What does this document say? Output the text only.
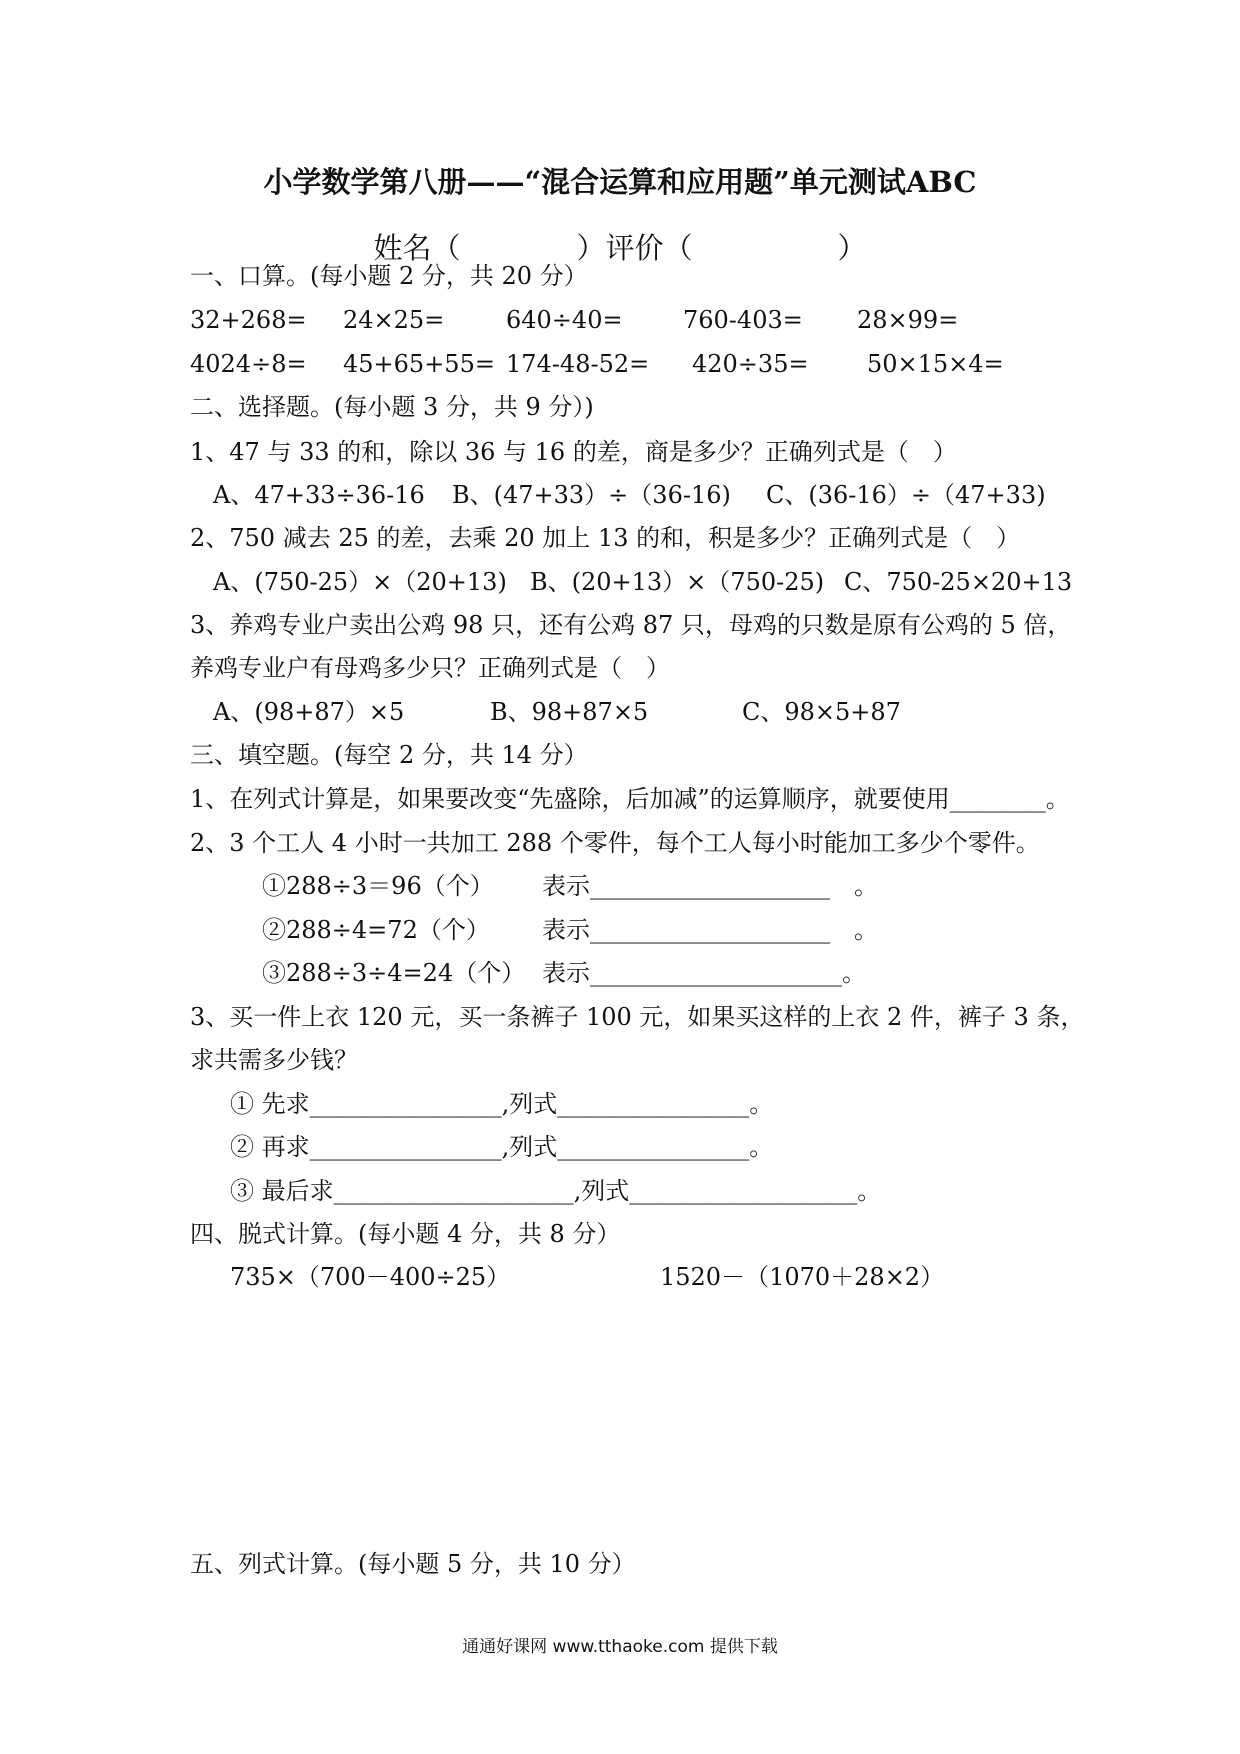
小学数学第八册——“混合运算和应用题”单元测试ABC
姓名（　　　　）评价（　　　　　）
一、口算。(每小题 2 分，共 20 分）
32+268= 24×25=	640÷40=	760-403= 28×99=
4024÷8= 45+65+55= 174-48-52= 420÷35= 50×15×4=
二、选择题。(每小题 3 分，共 9 分）)
1、47 与 33 的和，除以 36 与 16 的差，商是多少？正确列式是（　）
A、47+33÷36-16 B、(47+33）÷（36-16) C、(36-16）÷（47+33)
2、750 减去 25 的差，去乘 20 加上 13 的和，积是多少？正确列式是（　）
A、(750-25）×（20+13) B、(20+13）×（750-25) C、750-25×20+13
3、养鸡专业户卖出公鸡 98 只，还有公鸡 87 只，母鸡的只数是原有公鸡的 5 倍，
养鸡专业户有母鸡多少只？正确列式是（　）
A、(98+87）×5	B、98+87×5	C、98×5+87
三、填空题。(每空 2 分，共 14 分）
1、在列式计算是，如果要改变“先盛除，后加减”的运算顺序，就要使用________。
2、3 个工人 4 小时一共加工 288 个零件，每个工人每小时能加工多少个零件。
①288÷3＝96（个） 表示____________________　。
②288÷4=72（个） 表示____________________　。
③288÷3÷4=24（个） 表示_____________________。
3、买一件上衣 120 元，买一条裤子 100 元，如果买这样的上衣 2 件，裤子 3 条，
求共需多少钱？
① 先求________________,列式________________。
② 再求________________,列式________________。
③ 最后求____________________,列式___________________。
四、脱式计算。(每小题 4 分，共 8 分）
735×（700－400÷25）	1520－（1070＋28×2）
五、列式计算。(每小题 5 分，共 10 分）
通通好课网 www.tthaoke.com 提供下载
